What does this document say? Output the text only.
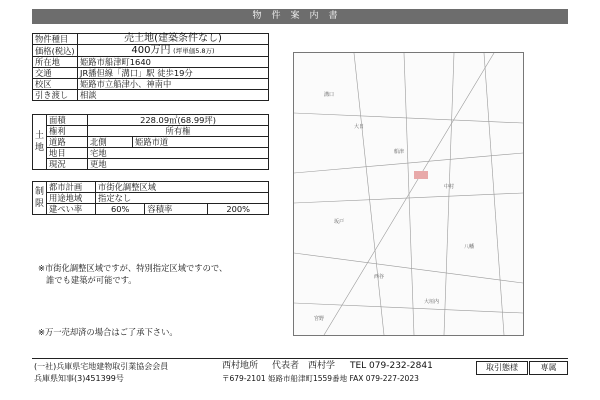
物件案内書
物件種目	売土地(建築条件なし)
価格(税込)	400万円 (坪単価5.8万)
所在地	姫路市船津町1640
交通	JR播但線「溝口」駅 徒歩19分
校区	姫路市立船津小、神南中
引き渡し	相談
土地	面積	228.09㎡(68.99坪)	
	権利	所有権	
	道路	北側	姫路市道
	地目	宅地	
	現況	更地	
制限	都市計画	市街化調整区域		
	用途地域	指定なし		
	建ぺい率	60%	容積率	200%
※市街化調整区域ですが、特別指定区域ですので、
誰でも建築が可能です。
※万一売却済の場合はご了承下さい。
溝口
大日
船津
中村
坂戸
八幡
西谷
大垣内
宮野
(一社)兵庫県宅地建物取引業協会会員
兵庫県知事(3)451399号
西村地所 代表者 西村学 TEL 079-232-2841
〒679-2101 姫路市船津町1559番地 FAX 079-227-2023
取引態様	専属
